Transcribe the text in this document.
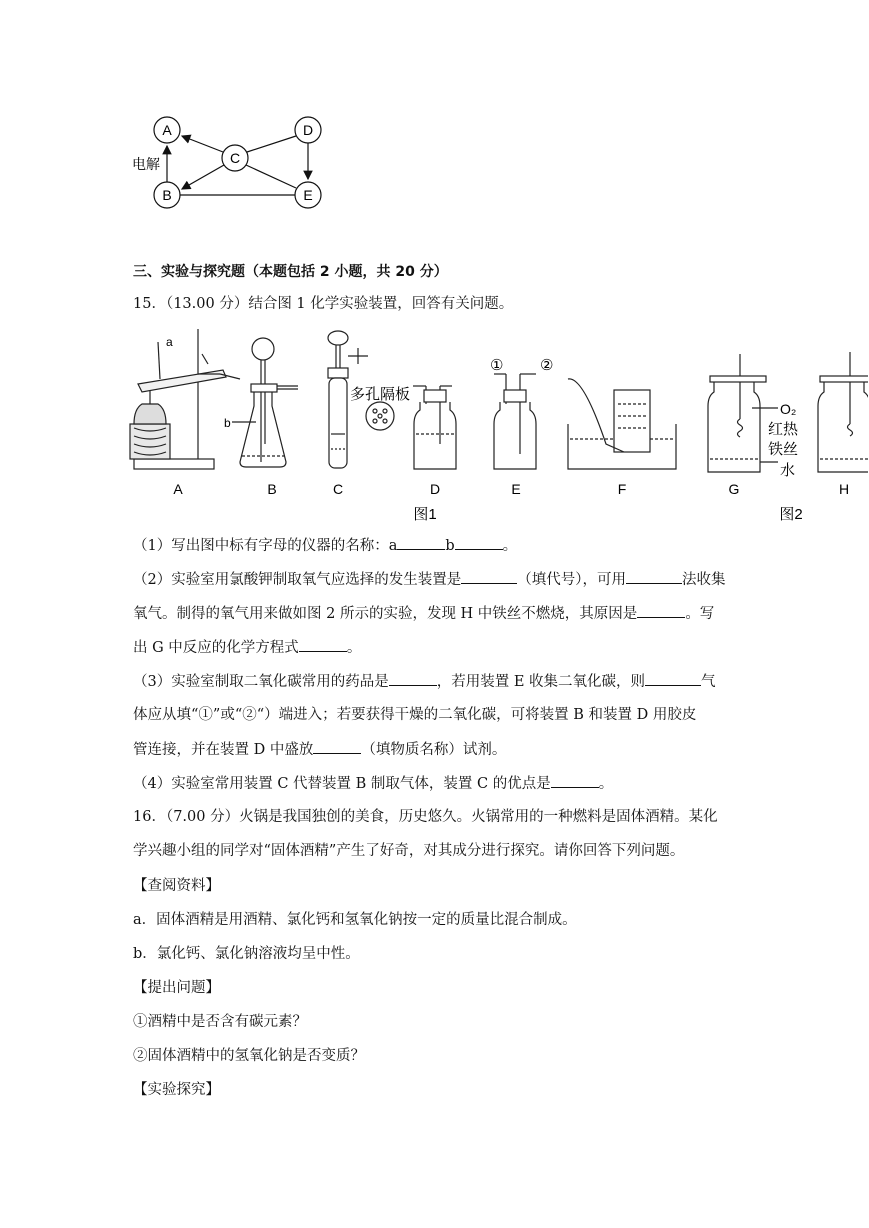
A
B
C
D
E
电解
三、实验与探究题（本题包括 2 小题，共 20 分）
15．（13.00 分）结合图 1 化学实验装置，回答有关问题。
a
b
多孔隔板
① ②
O₂
红热
铁丝
水
A	B	C	D	E	F	G	H
图1	图2
（1）写出图中标有字母的仪器的名称：a	b	。
（2）实验室用氯酸钾制取氧气应选择的发生装置是	（填代号），可用	法收集
氧气。制得的氧气用来做如图 2 所示的实验，发现 H 中铁丝不燃烧，其原因是	。写
出 G 中反应的化学方程式	。
（3）实验室制取二氧化碳常用的药品是	，若用装置 E 收集二氧化碳，则	气
体应从填“①”或“②“）端进入；若要获得干燥的二氧化碳，可将装置 B 和装置 D 用胶皮
管连接，并在装置 D 中盛放	（填物质名称）试剂。
（4）实验室常用装置 C 代替装置 B 制取气体，装置 C 的优点是	。
16．（7.00 分）火锅是我国独创的美食，历史悠久。火锅常用的一种燃料是固体酒精。某化
学兴趣小组的同学对“固体酒精”产生了好奇，对其成分进行探究。请你回答下列问题。
【查阅资料】
a．固体酒精是用酒精、氯化钙和氢氧化钠按一定的质量比混合制成。
b．氯化钙、氯化钠溶液均呈中性。
【提出问题】
①酒精中是否含有碳元素？
②固体酒精中的氢氧化钠是否变质？
【实验探究】
